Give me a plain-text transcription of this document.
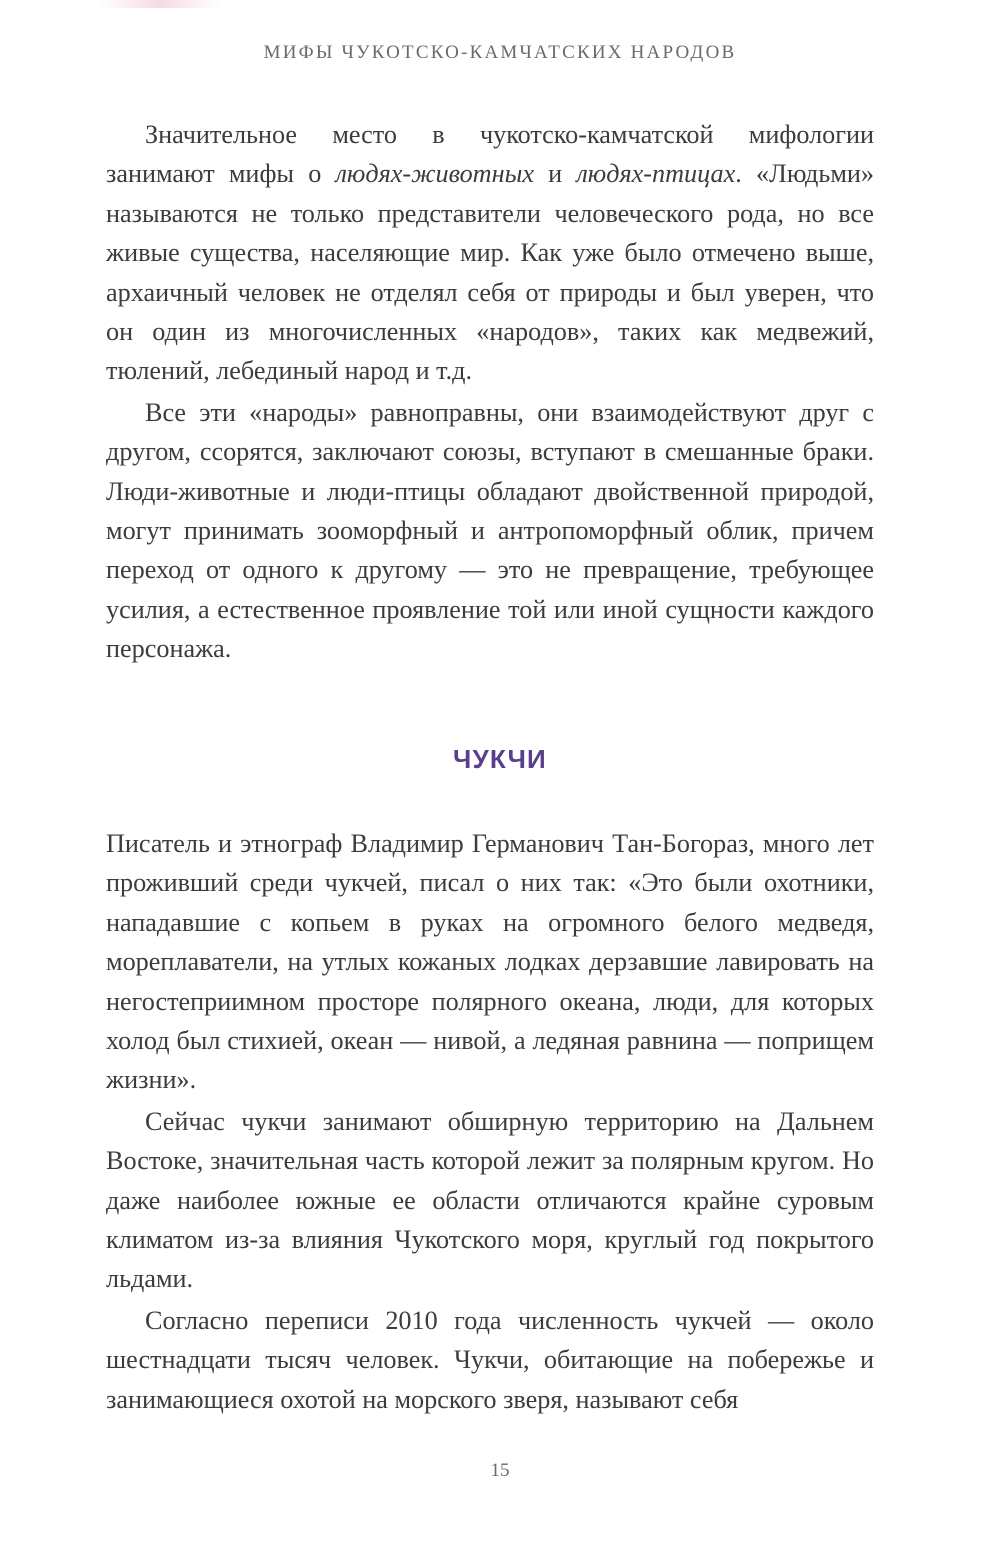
МИФЫ ЧУКОТСКО-КАМЧАТСКИХ НАРОДОВ

Значительное место в чукотско-камчатской мифологии занимают мифы о людях-животных и людях-птицах. «Людьми» называются не только представители человеческого рода, но все живые существа, населяющие мир. Как уже было отмечено выше, архаичный человек не отделял себя от природы и был уверен, что он один из многочисленных «народов», таких как медвежий, тюлений, лебединый народ и т.д.

Все эти «народы» равноправны, они взаимодействуют друг с другом, ссорятся, заключают союзы, вступают в смешанные браки. Люди-животные и люди-птицы обладают двойственной природой, могут принимать зооморфный и антропоморфный облик, причем переход от одного к другому — это не превращение, требующее усилия, а естественное проявление той или иной сущности каждого персонажа.

ЧУКЧИ

Писатель и этнограф Владимир Германович Тан-Богораз, много лет проживший среди чукчей, писал о них так: «Это были охотники, нападавшие с копьем в руках на огромного белого медведя, мореплаватели, на утлых кожаных лодках дерзавшие лавировать на негостеприимном просторе полярного океана, люди, для которых холод был стихией, океан — нивой, а ледяная равнина — поприщем жизни».

Сейчас чукчи занимают обширную территорию на Дальнем Востоке, значительная часть которой лежит за полярным кругом. Но даже наиболее южные ее области отличаются крайне суровым климатом из-за влияния Чукотского моря, круглый год покрытого льдами.

Согласно переписи 2010 года численность чукчей — около шестнадцати тысяч человек. Чукчи, обитающие на побережье и занимающиеся охотой на морского зверя, называют себя

15
